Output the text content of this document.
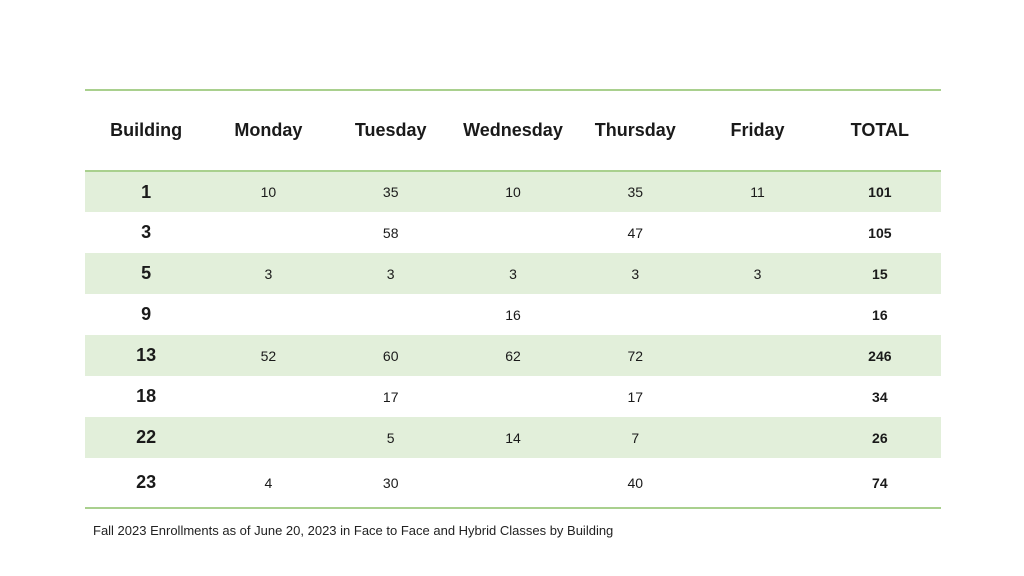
Building	Monday	Tuesday	Wednesday	Thursday	Friday	TOTAL
1	10	35	10	35	11	101
3		58		47		105
5	3	3	3	3	3	15
9			16			16
13	52	60	62	72		246
18		17		17		34
22		5	14	7		26
23	4	30		40		74
Fall 2023 Enrollments as of June 20, 2023 in Face to Face and Hybrid Classes by Building
